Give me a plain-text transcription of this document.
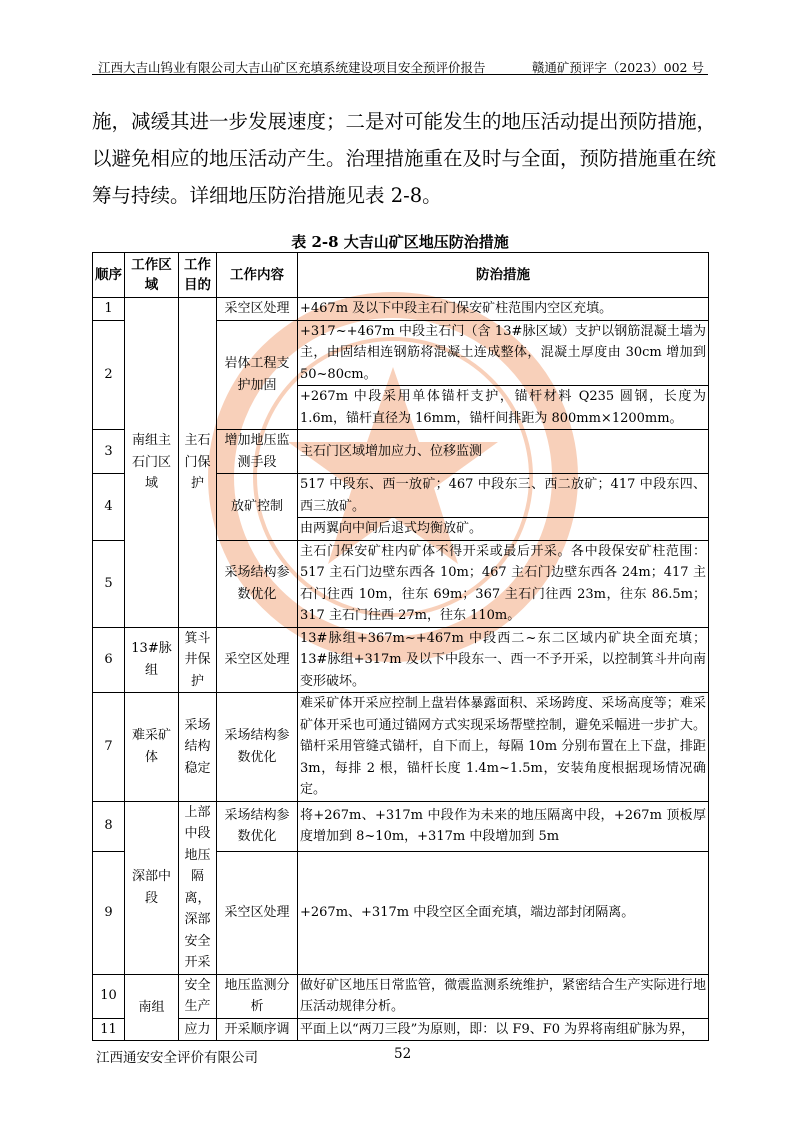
江西大吉山钨业有限公司大吉山矿区充填系统建设项目安全预评价报告	赣通矿预评字（2023）002 号

施，减缓其进一步发展速度；二是对可能发生的地压活动提出预防措施，

以避免相应的地压活动产生。治理措施重在及时与全面，预防措施重在统

筹与持续。详细地压防治措施见表 2-8。

表 2-8 大吉山矿区地压防治措施
顺序	工作区域	工作目的	工作内容	防治措施
1	南组主石门区域	主石门保护	采空区处理	+467m 及以下中段主石门保安矿柱范围内空区充填。
2			岩体工程支护加固	+317~+467m 中段主石门（含 13#脉区域）支护以钢筋混凝土墙为主，由固结相连钢筋将混凝土连成整体，混凝土厚度由 30cm 增加到 50~80cm。
				+267m 中段采用单体锚杆支护，锚杆材料 Q235 圆钢，长度为 1.6m，锚杆直径为 16mm，锚杆间排距为 800mm×1200mm。
3			增加地压监测手段	主石门区域增加应力、位移监测
4			放矿控制	517 中段东、西一放矿；467 中段东三、西二放矿；417 中段东四、西三放矿。
				由两翼向中间后退式均衡放矿。
5			采场结构参数优化	主石门保安矿柱内矿体不得开采或最后开采。各中段保安矿柱范围：517 主石门边壁东西各 10m；467 主石门边壁东西各 24m；417 主石门往西 10m，往东 69m；367 主石门往西 23m，往东 86.5m；317 主石门往西 27m，往东 110m。
6	13#脉组	箕斗井保护	采空区处理	13#脉组+367m~+467m 中段西二~东二区域内矿块全面充填；13#脉组+317m 及以下中段东一、西一不予开采，以控制箕斗井向南变形破坏。
7	难采矿体	采场结构稳定	采场结构参数优化	难采矿体开采应控制上盘岩体暴露面积、采场跨度、采场高度等；难采矿体开采也可通过锚网方式实现采场帮壁控制，避免采幅进一步扩大。锚杆采用管缝式锚杆，自下而上，每隔 10m 分别布置在上下盘，排距 3m，每排 2 根，锚杆长度 1.4m~1.5m，安装角度根据现场情况确定。
8	深部中段	上部中段地压隔离，深部安全开采	采场结构参数优化	将+267m、+317m 中段作为未来的地压隔离中段，+267m 顶板厚度增加到 8~10m，+317m 中段增加到 5m
9			采空区处理	+267m、+317m 中段空区全面充填，端边部封闭隔离。
10	南组	安全生产	地压监测分析	做好矿区地压日常监管，微震监测系统维护，紧密结合生产实际进行地压活动规律分析。
11		应力	开采顺序调	平面上以“两刀三段”为原则，即：以 F9、F0 为界将南组矿脉为界，
江西通安安全评价有限公司	52
